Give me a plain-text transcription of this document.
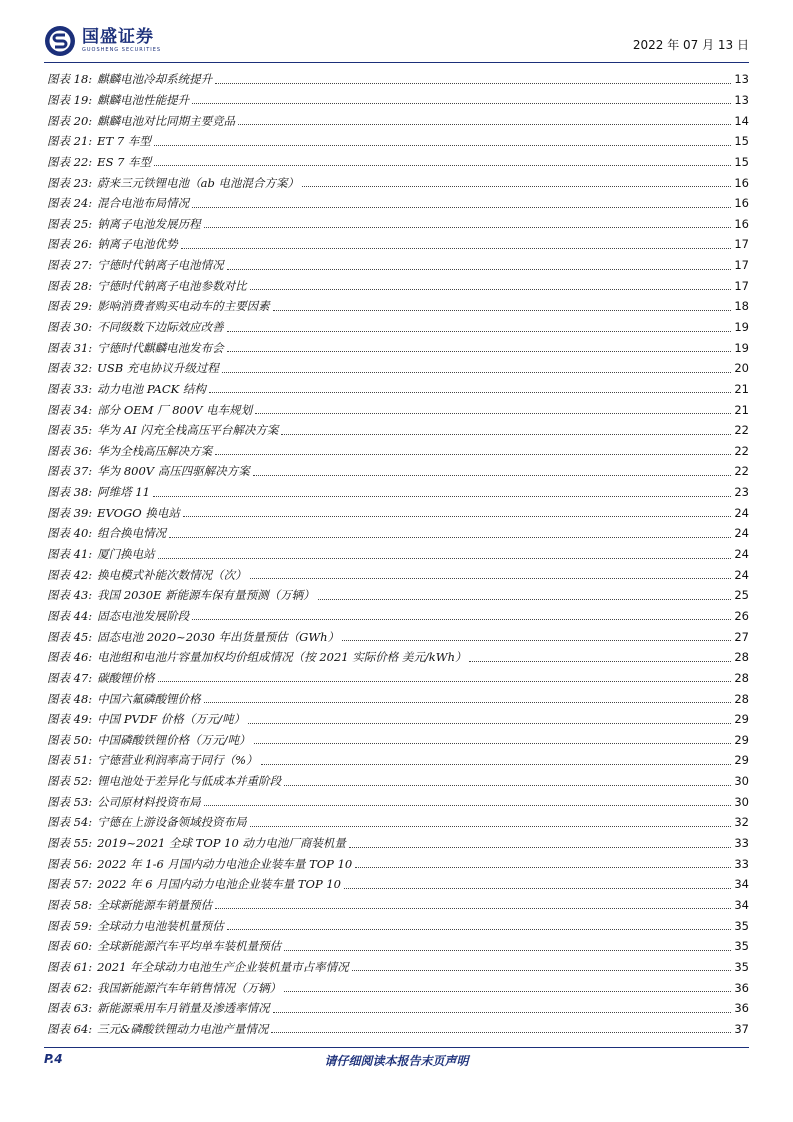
国盛证券
GUOSHENG SECURITIES	2022 年 07 月 13 日
图表 18: 麒麟电池冷却系统提升	13
图表 19: 麒麟电池性能提升	13
图表 20: 麒麟电池对比同期主要竞品	14
图表 21: ET 7 车型	15
图表 22: ES 7 车型	15
图表 23: 蔚来三元铁锂电池（ab 电池混合方案）	16
图表 24: 混合电池布局情况	16
图表 25: 钠离子电池发展历程	16
图表 26: 钠离子电池优势	17
图表 27: 宁德时代钠离子电池情况	17
图表 28: 宁德时代钠离子电池参数对比	17
图表 29: 影响消费者购买电动车的主要因素	18
图表 30: 不同级数下边际效应改善	19
图表 31: 宁德时代麒麟电池发布会	19
图表 32: USB 充电协议升级过程	20
图表 33: 动力电池 PACK 结构	21
图表 34: 部分 OEM 厂 800V 电车规划	21
图表 35: 华为 AI 闪充全栈高压平台解决方案	22
图表 36: 华为全栈高压解决方案	22
图表 37: 华为 800V 高压四驱解决方案	22
图表 38: 阿维塔 11	23
图表 39: EVOGO 换电站	24
图表 40: 组合换电情况	24
图表 41: 厦门换电站	24
图表 42: 换电模式补能次数情况（次）	24
图表 43: 我国 2030E 新能源车保有量预测（万辆）	25
图表 44: 固态电池发展阶段	26
图表 45: 固态电池 2020~2030 年出货量预估（GWh）	27
图表 46: 电池组和电池片容量加权均价组成情况（按 2021 实际价格 美元/kWh）	28
图表 47: 碳酸锂价格	28
图表 48: 中国六氟磷酸锂价格	28
图表 49: 中国 PVDF 价格（万元/吨）	29
图表 50: 中国磷酸铁锂价格（万元/吨）	29
图表 51: 宁德营业利润率高于同行（%）	29
图表 52: 锂电池处于差异化与低成本并重阶段	30
图表 53: 公司原材料投资布局	30
图表 54: 宁德在上游设备领域投资布局	32
图表 55: 2019~2021 全球 TOP 10 动力电池厂商装机量	33
图表 56: 2022 年 1-6 月国内动力电池企业装车量 TOP 10	33
图表 57: 2022 年 6 月国内动力电池企业装车量 TOP 10	34
图表 58: 全球新能源车销量预估	34
图表 59: 全球动力电池装机量预估	35
图表 60: 全球新能源汽车平均单车装机量预估	35
图表 61: 2021 年全球动力电池生产企业装机量市占率情况	35
图表 62: 我国新能源汽车年销售情况（万辆）	36
图表 63: 新能源乘用车月销量及渗透率情况	36
图表 64: 三元&磷酸铁锂动力电池产量情况	37
P.4	请仔细阅读本报告末页声明
